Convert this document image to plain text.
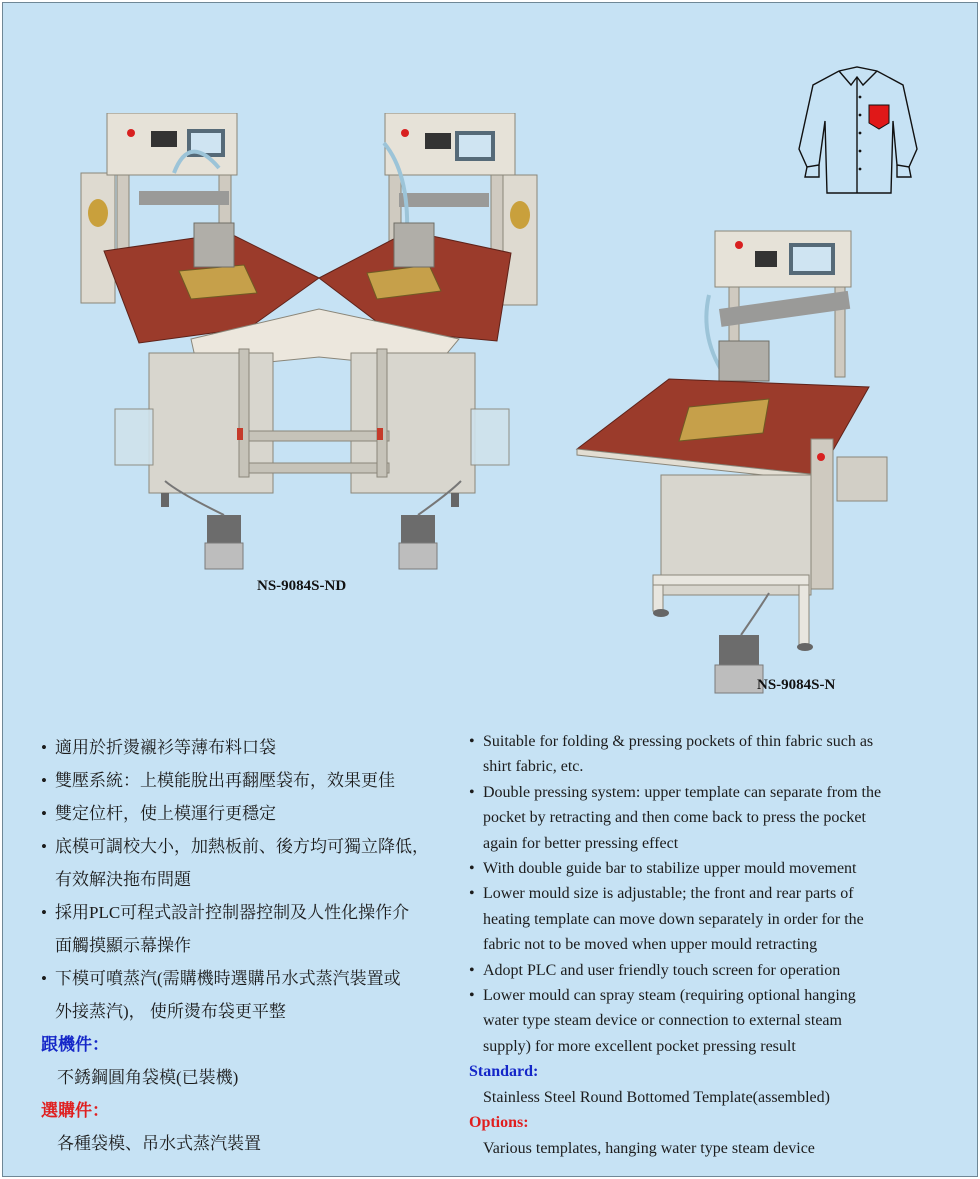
NS-9084S-ND
NS-9084S-N
• 適用於折燙襯衫等薄布料口袋
• 雙壓系統：上模能脫出再翻壓袋布，效果更佳
• 雙定位杆，使上模運行更穩定
• 底模可調校大小，加熱板前、後方均可獨立降低，
有效解決拖布問題
• 採用PLC可程式設計控制器控制及人性化操作介
面觸摸顯示幕操作
• 下模可噴蒸汽(需購機時選購吊水式蒸汽裝置或
外接蒸汽)， 使所燙布袋更平整
跟機件：
不銹鋼圓角袋模(已裝機)
選購件：
各種袋模、吊水式蒸汽裝置
• Suitable for folding & pressing pockets of thin fabric such as
shirt fabric, etc.
• Double pressing system: upper template can separate from the
pocket by retracting and then come back to press the pocket
again for better pressing effect
• With double guide bar to stabilize upper mould movement
• Lower mould size is adjustable; the front and rear parts of
heating template can move down separately in order for the
fabric not to be moved when upper mould retracting
• Adopt PLC and user friendly touch screen for operation
• Lower mould can spray steam (requiring optional hanging
water type steam device or connection to external steam
supply) for more excellent pocket pressing result
Standard:
Stainless Steel Round Bottomed Template(assembled)
Options:
Various templates, hanging water type steam device
